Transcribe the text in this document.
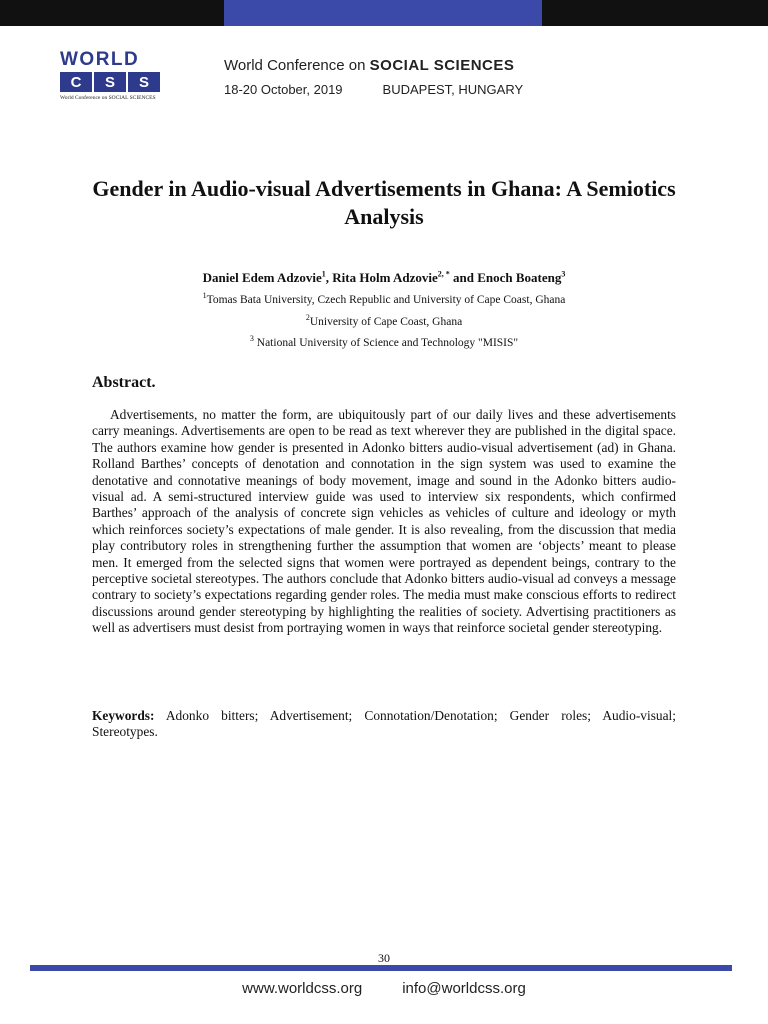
WORLD
C	S	S
World Conference on SOCIAL SCIENCES
World Conference on SOCIAL SCIENCES
18-20 October, 2019	BUDAPEST, HUNGARY
Gender in Audio-visual Advertisements in Ghana: A Semiotics Analysis
Daniel Edem Adzovie$^1$, Rita Holm Adzovie$^{2, *}$ and Enoch Boateng$^3$
$^1$Tomas Bata University, Czech Republic and University of Cape Coast, Ghana
$^2$University of Cape Coast, Ghana
$^3$ National University of Science and Technology "MISIS"
Abstract.

Advertisements, no matter the form, are ubiquitously part of our daily lives and these advertisements carry meanings. Advertisements are open to be read as text wherever they are published in the digital space. The authors examine how gender is presented in Adonko bitters audio-visual advertisement (ad) in Ghana. Rolland Barthes’ concepts of denotation and connotation in the sign system was used to examine the denotative and connotative meanings of body movement, image and sound in the Adonko bitters audio-visual ad. A semi-structured interview guide was used to interview six respondents, which confirmed Barthes’ approach of the analysis of concrete sign vehicles as vehicles of culture and ideology or myth which reinforces society’s expectations of male gender. It is also revealing, from the discussion that media play contributory roles in strengthening further the assumption that women are ‘objects’ meant to please men. It emerged from the selected signs that women were portrayed as dependent beings, contrary to the perceptive societal stereotypes. The authors conclude that Adonko bitters audio-visual ad conveys a message contrary to society’s expectations regarding gender roles. The media must make conscious efforts to redirect discussions around gender stereotyping by highlighting the realities of society. Advertising practitioners as well as advertisers must desist from portraying women in ways that reinforce societal gender stereotyping.

Keywords: Adonko bitters; Advertisement; Connotation/Denotation; Gender roles; Audio-visual; Stereotypes.

30
www.worldcss.org	info@worldcss.org
